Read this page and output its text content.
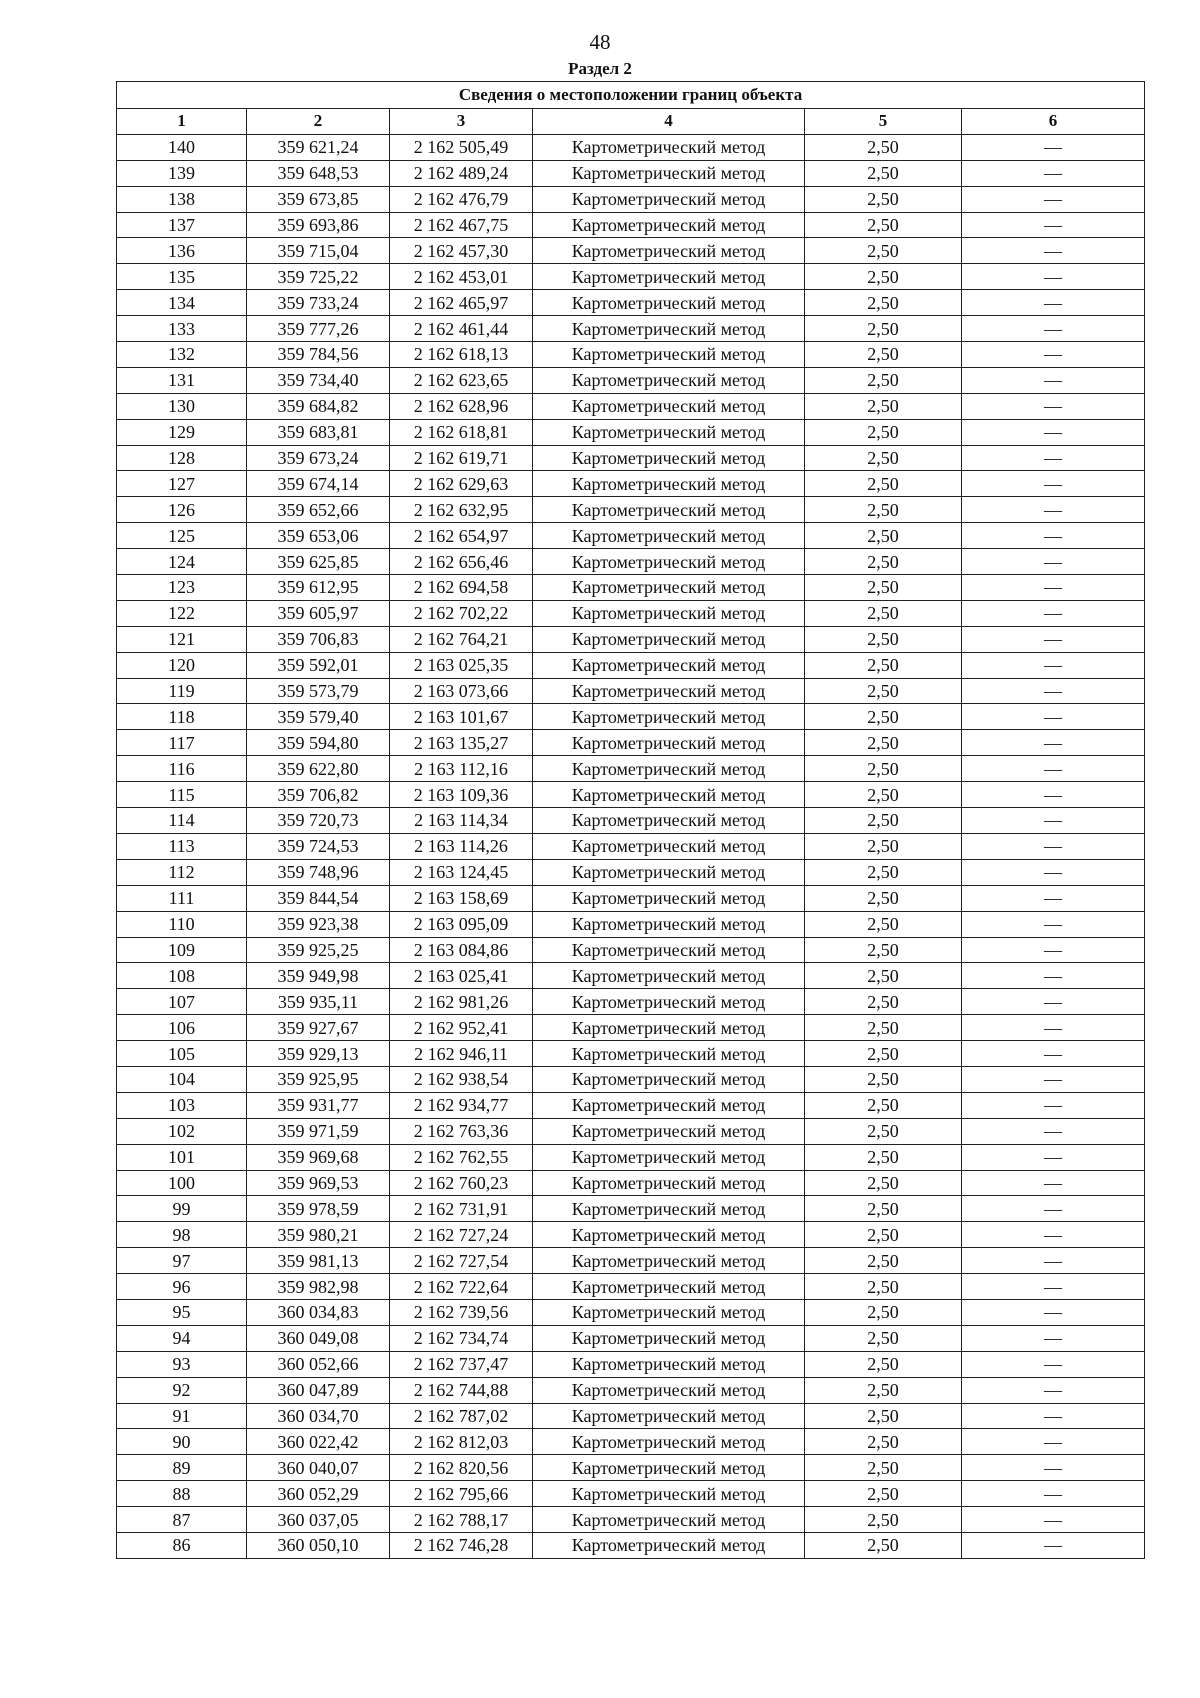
48
Раздел 2
Сведения о местоположении границ объекта					
1	2	3	4	5	6
140	359 621,24	2 162 505,49	Картометрический метод	2,50	—
139	359 648,53	2 162 489,24	Картометрический метод	2,50	—
138	359 673,85	2 162 476,79	Картометрический метод	2,50	—
137	359 693,86	2 162 467,75	Картометрический метод	2,50	—
136	359 715,04	2 162 457,30	Картометрический метод	2,50	—
135	359 725,22	2 162 453,01	Картометрический метод	2,50	—
134	359 733,24	2 162 465,97	Картометрический метод	2,50	—
133	359 777,26	2 162 461,44	Картометрический метод	2,50	—
132	359 784,56	2 162 618,13	Картометрический метод	2,50	—
131	359 734,40	2 162 623,65	Картометрический метод	2,50	—
130	359 684,82	2 162 628,96	Картометрический метод	2,50	—
129	359 683,81	2 162 618,81	Картометрический метод	2,50	—
128	359 673,24	2 162 619,71	Картометрический метод	2,50	—
127	359 674,14	2 162 629,63	Картометрический метод	2,50	—
126	359 652,66	2 162 632,95	Картометрический метод	2,50	—
125	359 653,06	2 162 654,97	Картометрический метод	2,50	—
124	359 625,85	2 162 656,46	Картометрический метод	2,50	—
123	359 612,95	2 162 694,58	Картометрический метод	2,50	—
122	359 605,97	2 162 702,22	Картометрический метод	2,50	—
121	359 706,83	2 162 764,21	Картометрический метод	2,50	—
120	359 592,01	2 163 025,35	Картометрический метод	2,50	—
119	359 573,79	2 163 073,66	Картометрический метод	2,50	—
118	359 579,40	2 163 101,67	Картометрический метод	2,50	—
117	359 594,80	2 163 135,27	Картометрический метод	2,50	—
116	359 622,80	2 163 112,16	Картометрический метод	2,50	—
115	359 706,82	2 163 109,36	Картометрический метод	2,50	—
114	359 720,73	2 163 114,34	Картометрический метод	2,50	—
113	359 724,53	2 163 114,26	Картометрический метод	2,50	—
112	359 748,96	2 163 124,45	Картометрический метод	2,50	—
111	359 844,54	2 163 158,69	Картометрический метод	2,50	—
110	359 923,38	2 163 095,09	Картометрический метод	2,50	—
109	359 925,25	2 163 084,86	Картометрический метод	2,50	—
108	359 949,98	2 163 025,41	Картометрический метод	2,50	—
107	359 935,11	2 162 981,26	Картометрический метод	2,50	—
106	359 927,67	2 162 952,41	Картометрический метод	2,50	—
105	359 929,13	2 162 946,11	Картометрический метод	2,50	—
104	359 925,95	2 162 938,54	Картометрический метод	2,50	—
103	359 931,77	2 162 934,77	Картометрический метод	2,50	—
102	359 971,59	2 162 763,36	Картометрический метод	2,50	—
101	359 969,68	2 162 762,55	Картометрический метод	2,50	—
100	359 969,53	2 162 760,23	Картометрический метод	2,50	—
99	359 978,59	2 162 731,91	Картометрический метод	2,50	—
98	359 980,21	2 162 727,24	Картометрический метод	2,50	—
97	359 981,13	2 162 727,54	Картометрический метод	2,50	—
96	359 982,98	2 162 722,64	Картометрический метод	2,50	—
95	360 034,83	2 162 739,56	Картометрический метод	2,50	—
94	360 049,08	2 162 734,74	Картометрический метод	2,50	—
93	360 052,66	2 162 737,47	Картометрический метод	2,50	—
92	360 047,89	2 162 744,88	Картометрический метод	2,50	—
91	360 034,70	2 162 787,02	Картометрический метод	2,50	—
90	360 022,42	2 162 812,03	Картометрический метод	2,50	—
89	360 040,07	2 162 820,56	Картометрический метод	2,50	—
88	360 052,29	2 162 795,66	Картометрический метод	2,50	—
87	360 037,05	2 162 788,17	Картометрический метод	2,50	—
86	360 050,10	2 162 746,28	Картометрический метод	2,50	—
